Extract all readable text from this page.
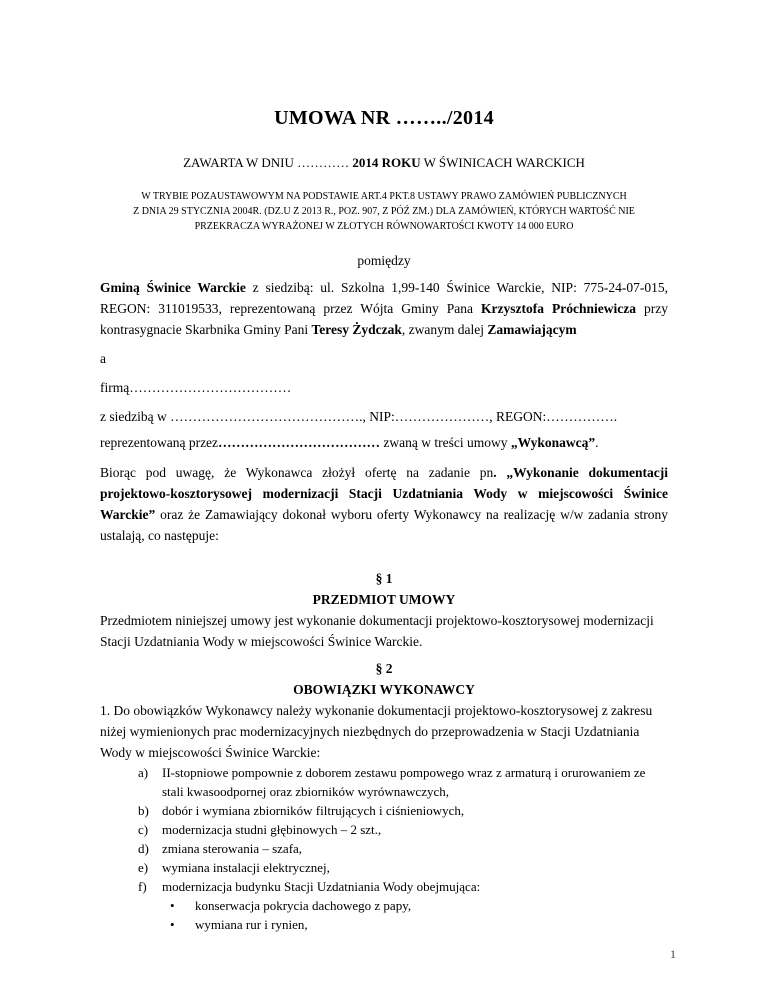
UMOWA NR ……../2014

ZAWARTA W DNIU ………… 2014 ROKU W ŚWINICACH WARCKICH

W TRYBIE POZAUSTAWOWYM NA PODSTAWIE ART.4 PKT.8 USTAWY PRAWO ZAMÓWIEŃ PUBLICZNYCH
Z DNIA 29 STYCZNIA 2004R. (DZ.U Z 2013 R., POZ. 907, Z PÓŹ ZM.) DLA ZAMÓWIEŃ, KTÓRYCH WARTOŚĆ NIE
PRZEKRACZA WYRAŻONEJ W ZŁOTYCH RÓWNOWARTOŚCI KWOTY 14 000 EURO

pomiędzy

Gminą Świnice Warckie z siedzibą: ul. Szkolna 1,99-140 Świnice Warckie, NIP: 775-24-07-015, REGON: 311019533, reprezentowaną przez Wójta Gminy Pana Krzysztofa Próchniewicza przy kontrasygnacie Skarbnika Gminy Pani Teresy Żydczak, zwanym dalej Zamawiającym

a

firmą………………………………

z siedzibą w ……………………………………., NIP:…………………, REGON:…………….

reprezentowaną przez……………………………… zwaną w treści umowy „Wykonawcą”.

Biorąc pod uwagę, że Wykonawca złożył ofertę na zadanie pn. „Wykonanie dokumentacji projektowo-kosztorysowej modernizacji Stacji Uzdatniania Wody w miejscowości Świnice Warckie” oraz że Zamawiający dokonał wyboru oferty Wykonawcy na realizację w/w zadania strony ustalają, co następuje:

§ 1

PRZEDMIOT UMOWY

Przedmiotem niniejszej umowy jest wykonanie dokumentacji projektowo-kosztorysowej modernizacji Stacji Uzdatniania Wody w miejscowości Świnice Warckie.

§ 2

OBOWIĄZKI WYKONAWCY

1. Do obowiązków Wykonawcy należy wykonanie dokumentacji projektowo-kosztorysowej z zakresu niżej wymienionych prac modernizacyjnych niezbędnych do przeprowadzenia w Stacji Uzdatniania Wody w miejscowości Świnice Warckie:

a)	II-stopniowe pompownie z doborem zestawu pompowego wraz z armaturą i orurowaniem ze stali kwasoodpornej oraz zbiorników wyrównawczych,
b)	dobór i wymiana zbiorników filtrujących i ciśnieniowych,
c)	modernizacja studni głębinowych – 2 szt.,
d)	zmiana sterowania – szafa,
e)	wymiana instalacji elektrycznej,
f)	modernizacja budynku Stacji Uzdatniania Wody obejmująca:
•	konserwacja pokrycia dachowego z papy,
•	wymiana rur i rynien,
1
